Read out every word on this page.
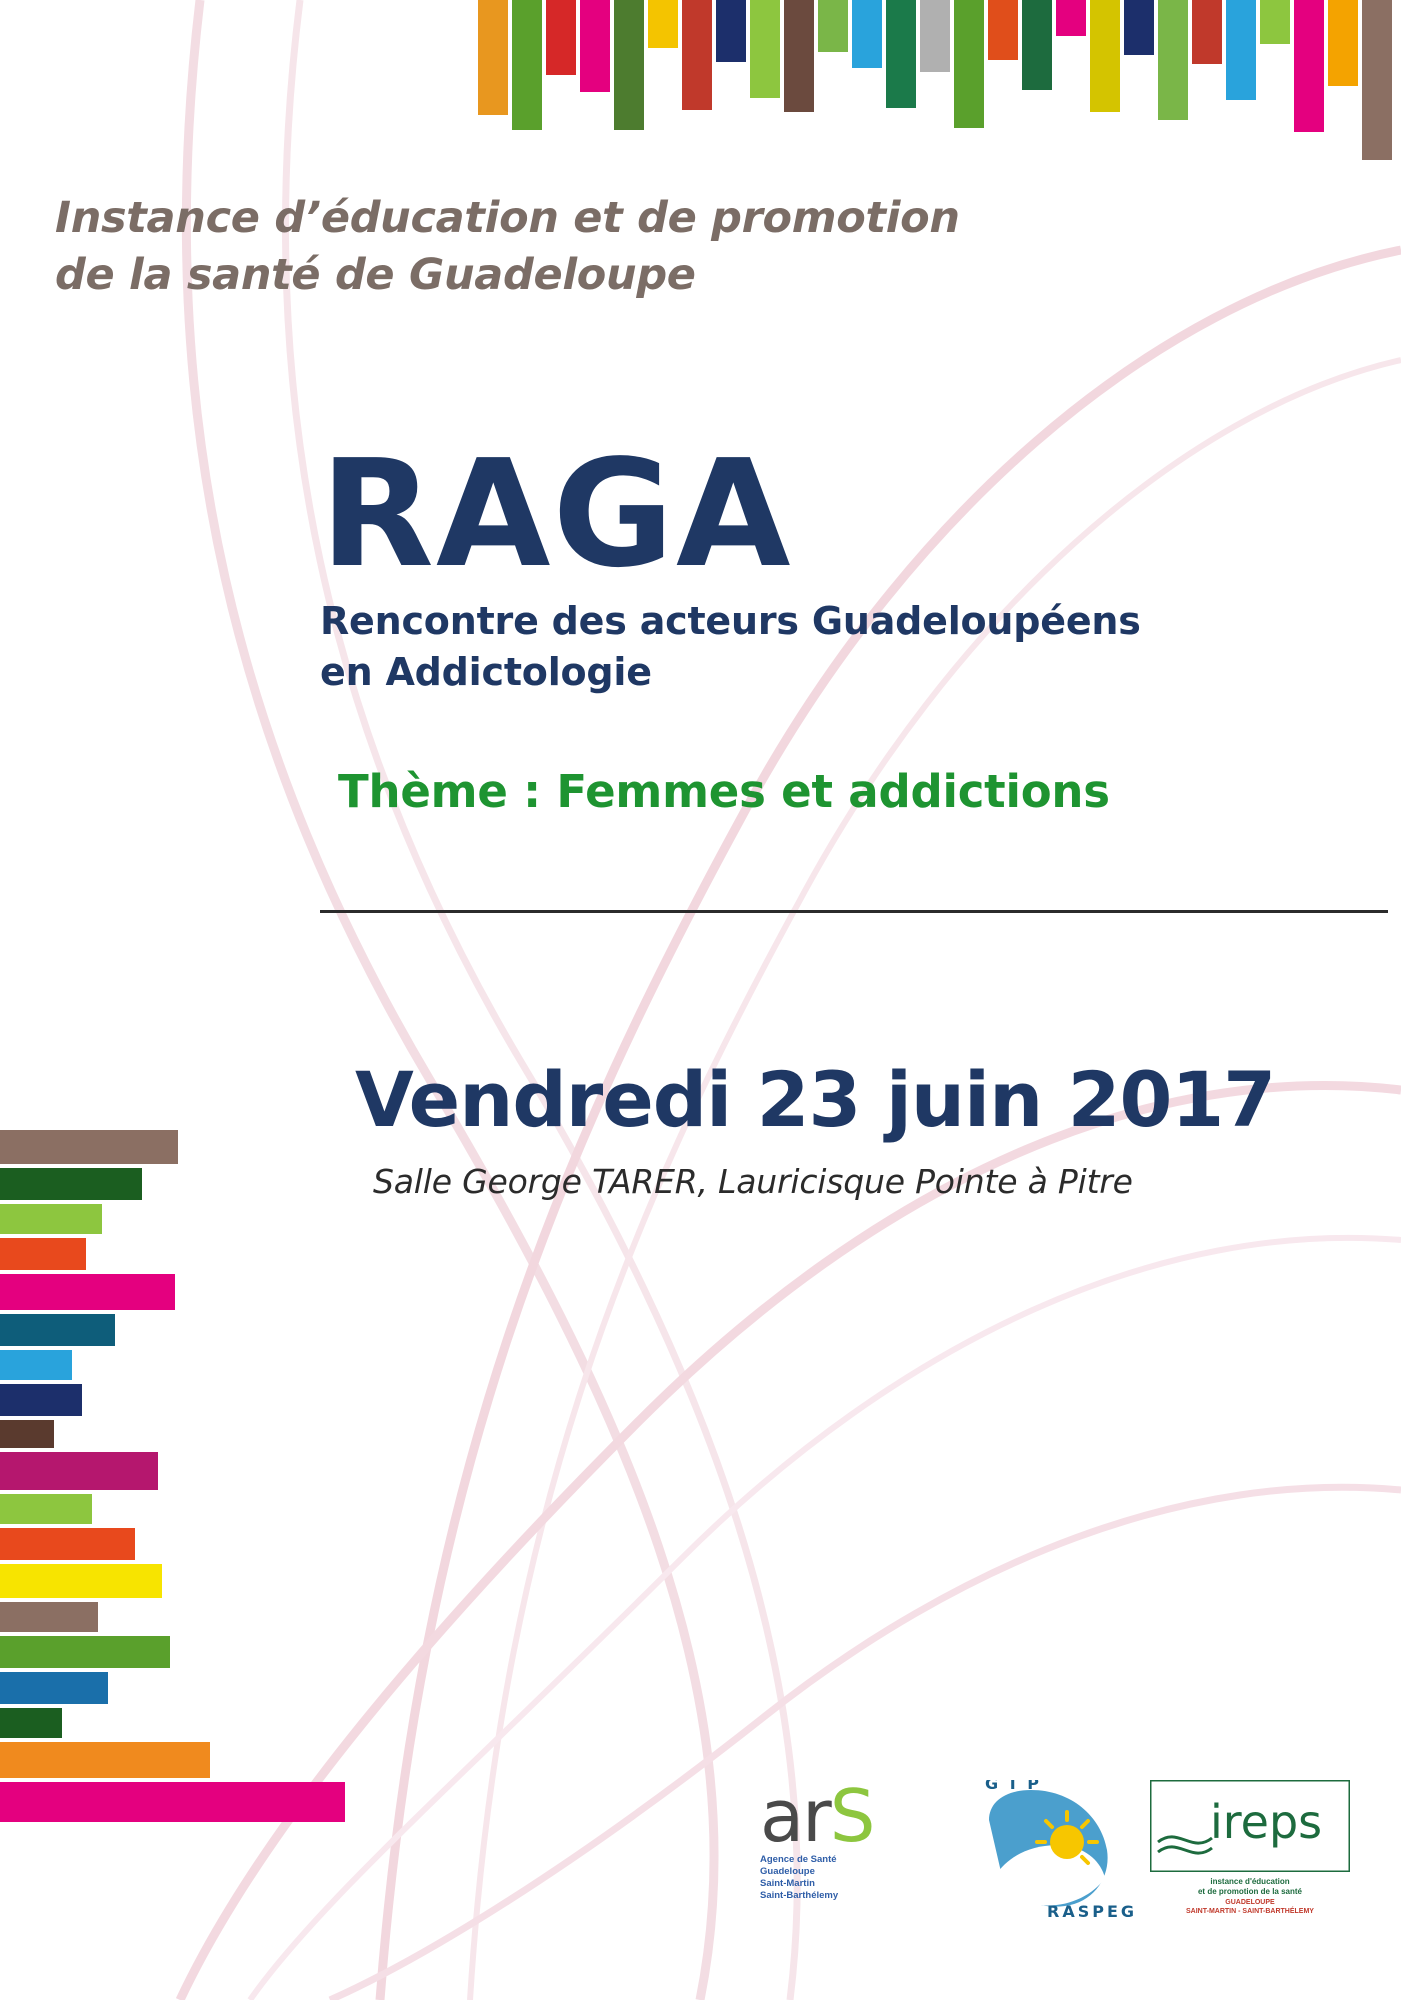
Instance d’éducation et de promotion
de la santé de Guadeloupe
RAGA
Rencontre des acteurs Guadeloupéens
en Addictologie
Thème : Femmes et addictions
Vendredi 23 juin 2017
Salle George TARER, Lauricisque Pointe à Pitre
arS
Agence de Santé
Guadeloupe
Saint-Martin
Saint-Barthélemy
G I P
RASPEG
ireps
instance d'éducation
et de promotion de la santé
GUADELOUPE
SAINT-MARTIN - SAINT-BARTHÉLEMY
